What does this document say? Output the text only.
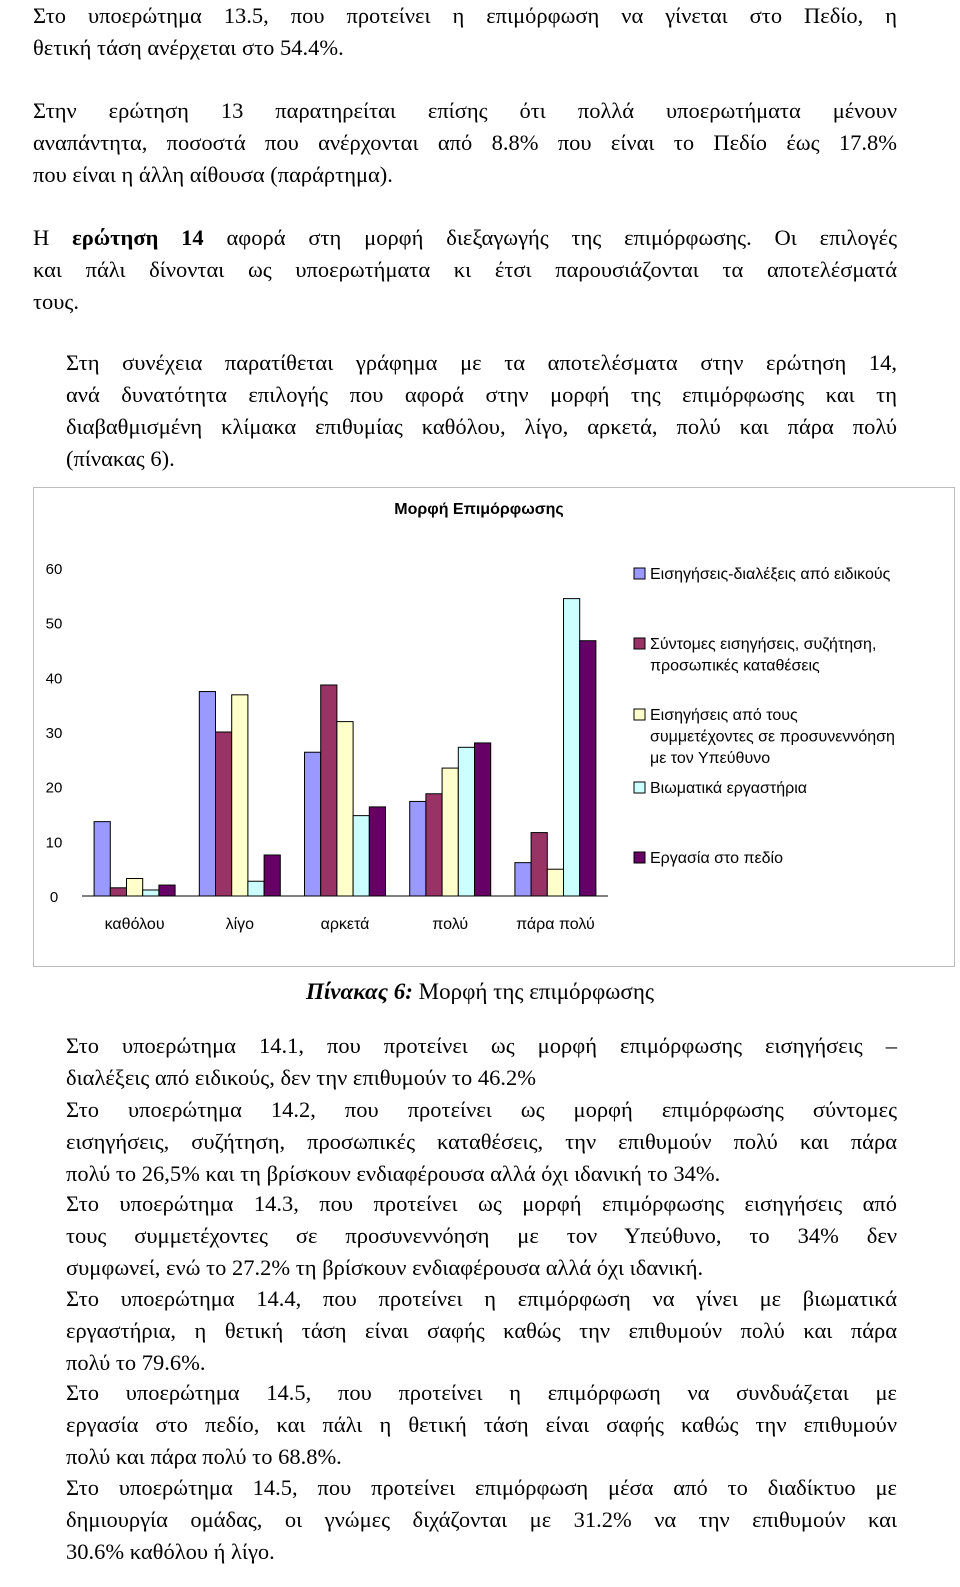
Στο υποερώτημα 13.5, που προτείνει η επιμόρφωση να γίνεται στο Πεδίο, η
θετική τάση ανέρχεται στο 54.4%.

Στην ερώτηση 13 παρατηρείται επίσης ότι πολλά υποερωτήματα μένουν
αναπάντητα, ποσοστά που ανέρχονται από 8.8% που είναι το Πεδίο έως 17.8%
που είναι η άλλη αίθουσα (παράρτημα).

Η ερώτηση 14 αφορά στη μορφή διεξαγωγής της επιμόρφωσης. Οι επιλογές
και πάλι δίνονται ως υποερωτήματα κι έτσι παρουσιάζονται τα αποτελέσματά
τους.

Στη συνέχεια παρατίθεται γράφημα με τα αποτελέσματα στην ερώτηση 14,
ανά δυνατότητα επιλογής που αφορά στην μορφή της επιμόρφωσης και τη
διαβαθμισμένη κλίμακα επιθυμίας καθόλου, λίγο, αρκετά, πολύ και πάρα πολύ
(πίνακας 6).

Μορφή Επιμόρφωσης
0
10
20
30
40
50
60
καθόλου	λίγο	αρκετά	πολύ	πάρα πολύ
Εισηγήσεις-διαλέξεις από ειδικούς
Σύντομες εισηγήσεις, συζήτηση,
προσωπικές καταθέσεις
Εισηγήσεις από τους
συμμετέχοντες σε προσυνεννόηση
με τον Υπεύθυνο
Βιωματικά εργαστήρια
Εργασία στο πεδίο
Πίνακας 6: Μορφή της επιμόρφωσης

Στο υποερώτημα 14.1, που προτείνει ως μορφή επιμόρφωσης εισηγήσεις –
διαλέξεις από ειδικούς, δεν την επιθυμούν το 46.2%

Στο υποερώτημα 14.2, που προτείνει ως μορφή επιμόρφωσης σύντομες
εισηγήσεις, συζήτηση, προσωπικές καταθέσεις, την επιθυμούν πολύ και πάρα
πολύ το 26,5% και τη βρίσκουν ενδιαφέρουσα αλλά όχι ιδανική το 34%.

Στο υποερώτημα 14.3, που προτείνει ως μορφή επιμόρφωσης εισηγήσεις από
τους συμμετέχοντες σε προσυνεννόηση με τον Υπεύθυνο, το 34% δεν
συμφωνεί, ενώ το 27.2% τη βρίσκουν ενδιαφέρουσα αλλά όχι ιδανική.

Στο υποερώτημα 14.4, που προτείνει η επιμόρφωση να γίνει με βιωματικά
εργαστήρια, η θετική τάση είναι σαφής καθώς την επιθυμούν πολύ και πάρα
πολύ το 79.6%.

Στο υποερώτημα 14.5, που προτείνει η επιμόρφωση να συνδυάζεται με
εργασία στο πεδίο, και πάλι η θετική τάση είναι σαφής καθώς την επιθυμούν
πολύ και πάρα πολύ το 68.8%.

Στο υποερώτημα 14.5, που προτείνει επιμόρφωση μέσα από το διαδίκτυο με
δημιουργία ομάδας, οι γνώμες διχάζονται με 31.2% να την επιθυμούν και
30.6% καθόλου ή λίγο.
